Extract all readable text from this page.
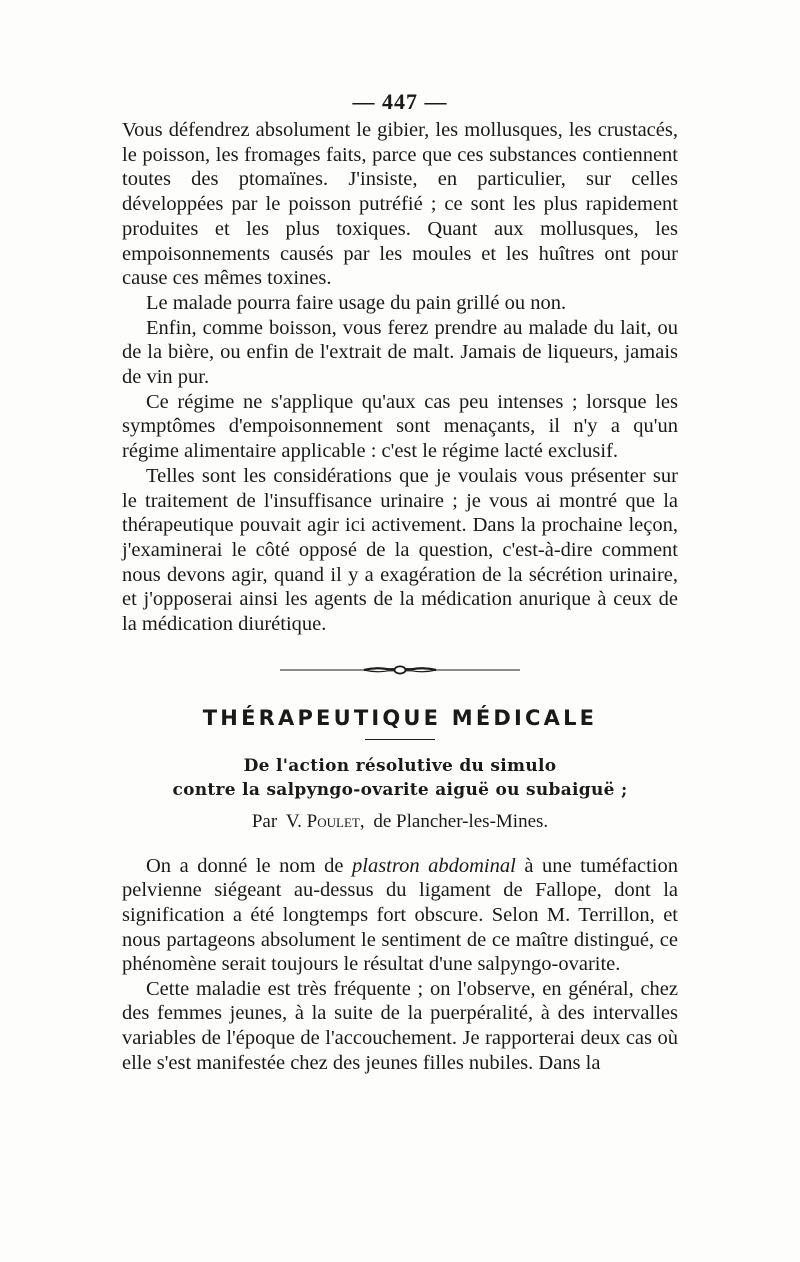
— 447 —

Vous défendrez absolument le gibier, les mollusques, les crustacés, le poisson, les fromages faits, parce que ces substances contiennent toutes des ptomaïnes. J'insiste, en particulier, sur celles développées par le poisson putréfié ; ce sont les plus rapidement produites et les plus toxiques. Quant aux mollusques, les empoisonnements causés par les moules et les huîtres ont pour cause ces mêmes toxines.

Le malade pourra faire usage du pain grillé ou non.

Enfin, comme boisson, vous ferez prendre au malade du lait, ou de la bière, ou enfin de l'extrait de malt. Jamais de liqueurs, jamais de vin pur.

Ce régime ne s'applique qu'aux cas peu intenses ; lorsque les symptômes d'empoisonnement sont menaçants, il n'y a qu'un régime alimentaire applicable : c'est le régime lacté exclusif.

Telles sont les considérations que je voulais vous présenter sur le traitement de l'insuffisance urinaire ; je vous ai montré que la thérapeutique pouvait agir ici activement. Dans la prochaine leçon, j'examinerai le côté opposé de la question, c'est-à-dire comment nous devons agir, quand il y a exagération de la sécrétion urinaire, et j'opposerai ainsi les agents de la médication anurique à ceux de la médication diurétique.

THÉRAPEUTIQUE MÉDICALE
De l'action résolutive du simulo
contre la salpyngo-ovarite aiguë ou subaiguë ;
Par V. Poulet, de Plancher-les-Mines.

On a donné le nom de plastron abdominal à une tuméfaction pelvienne siégeant au-dessus du ligament de Fallope, dont la signification a été longtemps fort obscure. Selon M. Terrillon, et nous partageons absolument le sentiment de ce maître distingué, ce phénomène serait toujours le résultat d'une salpyngo-ovarite.

Cette maladie est très fréquente ; on l'observe, en général, chez des femmes jeunes, à la suite de la puerpéralité, à des intervalles variables de l'époque de l'accouchement. Je rapporterai deux cas où elle s'est manifestée chez des jeunes filles nubiles. Dans la
